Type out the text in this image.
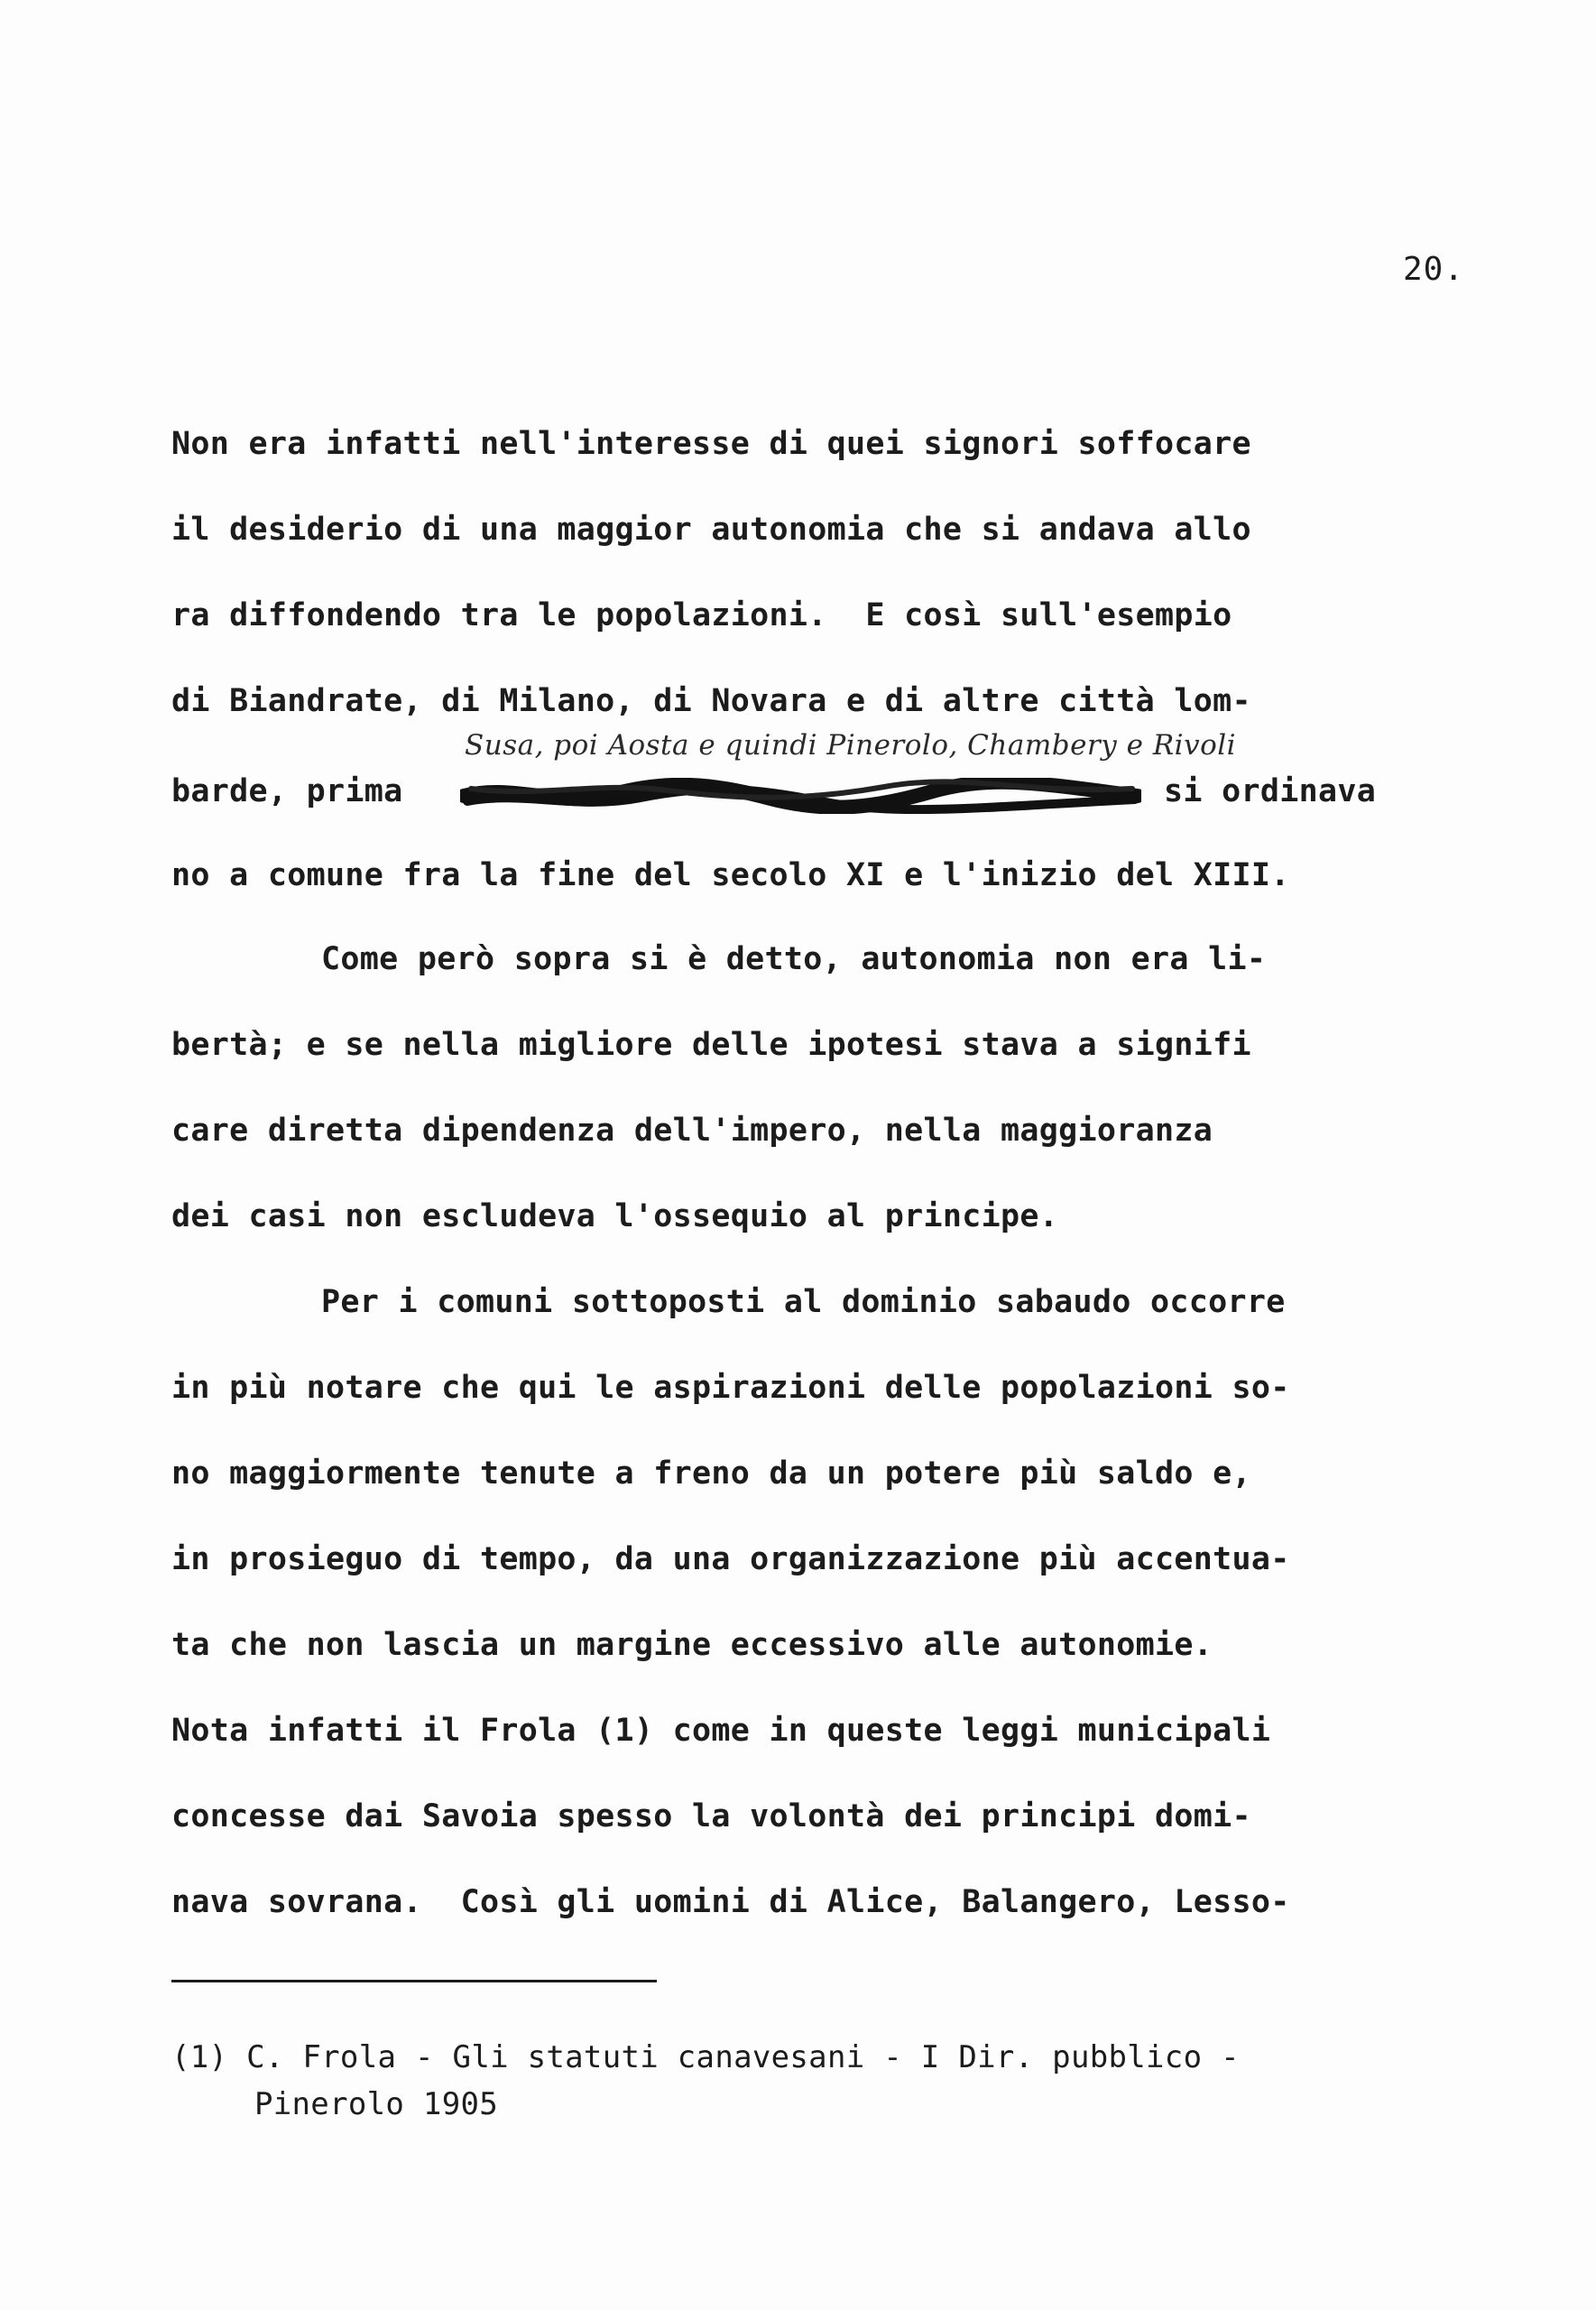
20.
Non era infatti nell'interesse di quei signori soffocare
il desiderio di una maggior autonomia che si andava allo
ra diffondendo tra le popolazioni.  E così sull'esempio
di Biandrate, di Milano, di Novara e di altre città lom-
Susa, poi Aosta e quindi Pinerolo, Chambery e Rivoli
barde, prima	si ordinava
no a comune fra la fine del secolo XI e l'inizio del XIII.
Come però sopra si è detto, autonomia non era li-
bertà; e se nella migliore delle ipotesi stava a signifi
care diretta dipendenza dell'impero, nella maggioranza
dei casi non escludeva l'ossequio al principe.
Per i comuni sottoposti al dominio sabaudo occorre
in più notare che qui le aspirazioni delle popolazioni so-
no maggiormente tenute a freno da un potere più saldo e,
in prosieguo di tempo, da una organizzazione più accentua-
ta che non lascia un margine eccessivo alle autonomie.
Nota infatti il Frola (1) come in queste leggi municipali
concesse dai Savoia spesso la volontà dei principi domi-
nava sovrana.  Così gli uomini di Alice, Balangero, Lesso-
(1) C. Frola - Gli statuti canavesani - I Dir. pubblico -
Pinerolo 1905
